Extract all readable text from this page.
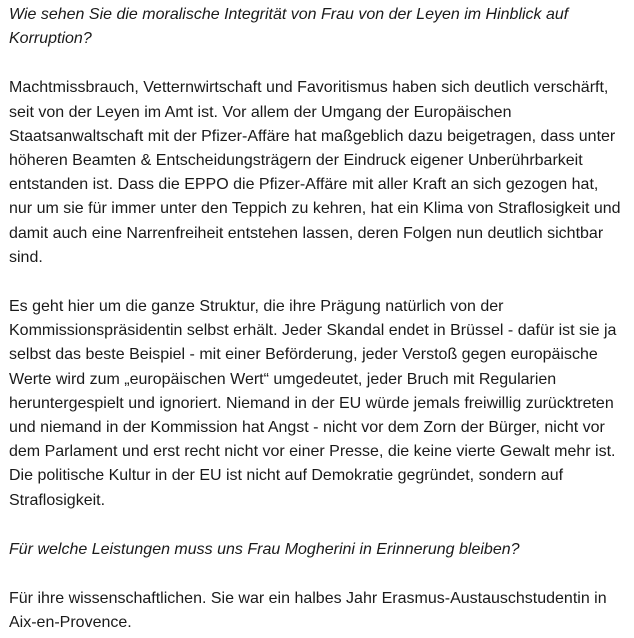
Wie sehen Sie die moralische Integrität von Frau von der Leyen im Hinblick auf Korruption?

Machtmissbrauch, Vetternwirtschaft und Favoritismus haben sich deutlich verschärft, seit von der Leyen im Amt ist. Vor allem der Umgang der Europäischen Staatsanwaltschaft mit der Pfizer-Affäre hat maßgeblich dazu beigetragen, dass unter höheren Beamten & Entscheidungsträgern der Eindruck eigener Unberührbarkeit entstanden ist. Dass die EPPO die Pfizer-Affäre mit aller Kraft an sich gezogen hat, nur um sie für immer unter den Teppich zu kehren, hat ein Klima von Straflosigkeit und damit auch eine Narrenfreiheit entstehen lassen, deren Folgen nun deutlich sichtbar sind.

Es geht hier um die ganze Struktur, die ihre Prägung natürlich von der Kommissionspräsidentin selbst erhält. Jeder Skandal endet in Brüssel - dafür ist sie ja selbst das beste Beispiel - mit einer Beförderung, jeder Verstoß gegen europäische Werte wird zum „europäischen Wert“ umgedeutet, jeder Bruch mit Regularien heruntergespielt und ignoriert. Niemand in der EU würde jemals freiwillig zurücktreten und niemand in der Kommission hat Angst - nicht vor dem Zorn der Bürger, nicht vor dem Parlament und erst recht nicht vor einer Presse, die keine vierte Gewalt mehr ist. Die politische Kultur in der EU ist nicht auf Demokratie gegründet, sondern auf Straflosigkeit.

Für welche Leistungen muss uns Frau Mogherini in Erinnerung bleiben?

Für ihre wissenschaftlichen. Sie war ein halbes Jahr Erasmus-Austauschstudentin in Aix-en-Provence.
